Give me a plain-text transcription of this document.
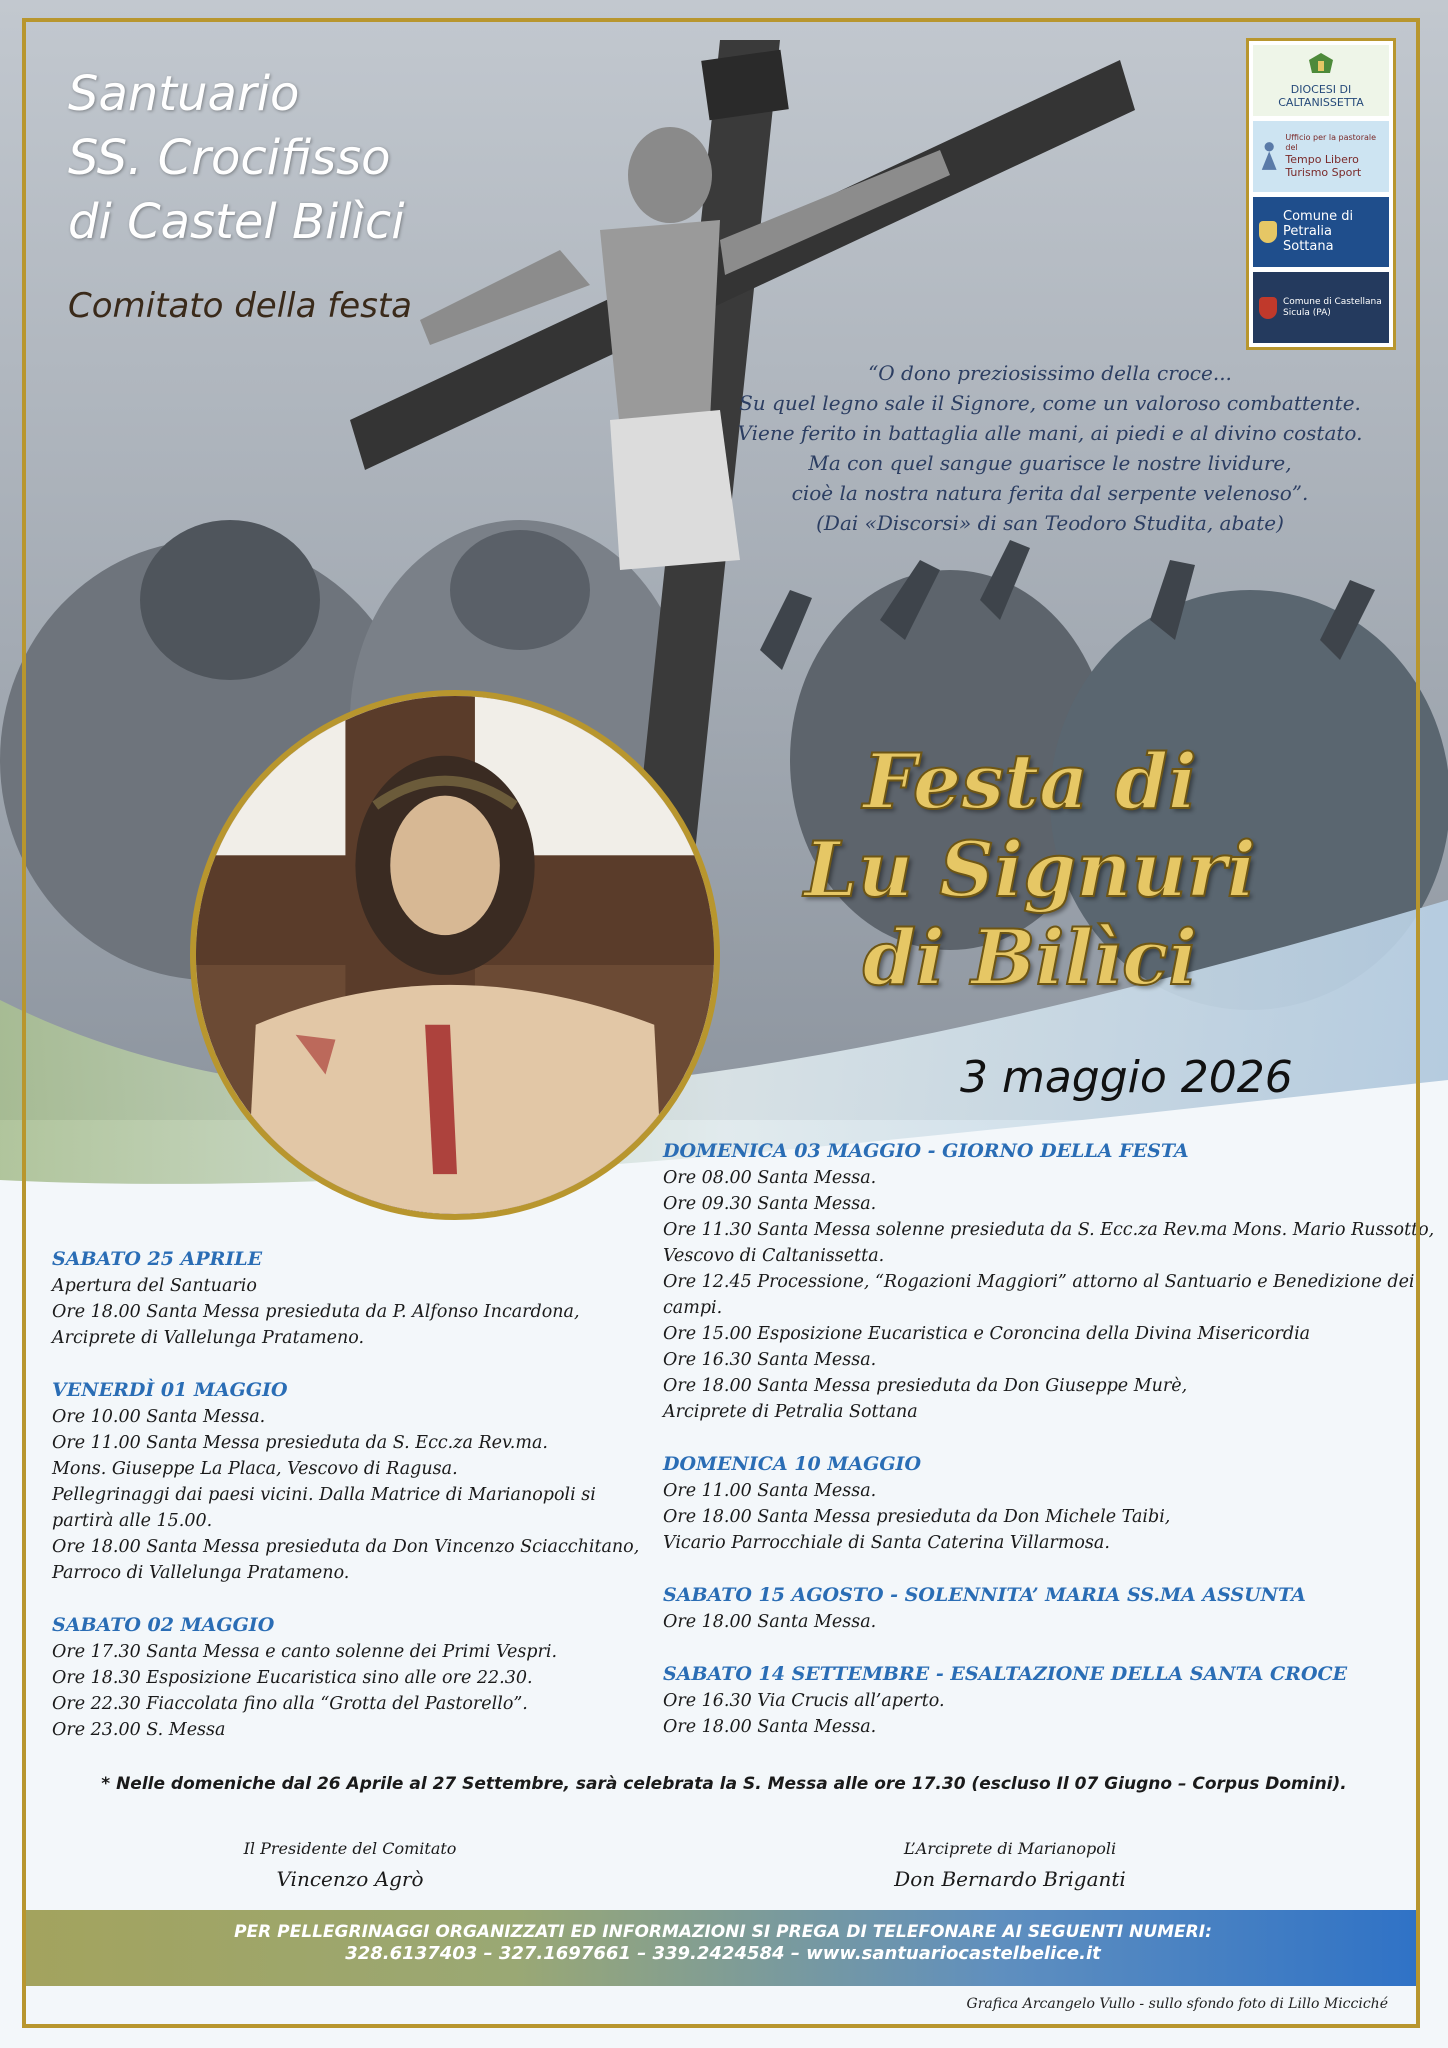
Santuario
SS. Crocifisso
di Castel Bilìci
Comitato della festa
DIOCESI DI CALTANISSETTA
Ufficio per la pastorale del
Tempo Libero
Turismo Sport
Comune di
Petralia
Sottana
Comune di Castellana
Sicula (PA)
“O dono preziosissimo della croce...
Su quel legno sale il Signore, come un valoroso combattente.
Viene ferito in battaglia alle mani, ai piedi e al divino costato.
Ma con quel sangue guarisce le nostre lividure,
cioè la nostra natura ferita dal serpente velenoso”.
(Dai «Discorsi» di san Teodoro Studita, abate)
Festa di
Lu Signuri
di Bilìci
3 maggio 2026
SABATO 25 APRILE
Apertura del Santuario
Ore 18.00 Santa Messa presieduta da P. Alfonso Incardona,
Arciprete di Vallelunga Pratameno.
VENERDÌ 01 MAGGIO
Ore 10.00 Santa Messa.
Ore 11.00 Santa Messa presieduta da S. Ecc.za Rev.ma.
Mons. Giuseppe La Placa, Vescovo di Ragusa.
Pellegrinaggi dai paesi vicini. Dalla Matrice di Marianopoli si
partirà alle 15.00.
Ore 18.00 Santa Messa presieduta da Don Vincenzo Sciacchitano,
Parroco di Vallelunga Pratameno.
SABATO 02 MAGGIO
Ore 17.30 Santa Messa e canto solenne dei Primi Vespri.
Ore 18.30 Esposizione Eucaristica sino alle ore 22.30.
Ore 22.30 Fiaccolata fino alla “Grotta del Pastorello”.
Ore 23.00 S. Messa
DOMENICA 03 MAGGIO - GIORNO DELLA FESTA
Ore 08.00 Santa Messa.
Ore 09.30 Santa Messa.
Ore 11.30 Santa Messa solenne presieduta da S. Ecc.za Rev.ma Mons. Mario Russotto,
Vescovo di Caltanissetta.
Ore 12.45 Processione, “Rogazioni Maggiori” attorno al Santuario e Benedizione dei
campi.
Ore 15.00 Esposizione Eucaristica e Coroncina della Divina Misericordia
Ore 16.30 Santa Messa.
Ore 18.00 Santa Messa presieduta da Don Giuseppe Murè,
Arciprete di Petralia Sottana
DOMENICA 10 MAGGIO
Ore 11.00 Santa Messa.
Ore 18.00 Santa Messa presieduta da Don Michele Taibi,
Vicario Parrocchiale di Santa Caterina Villarmosa.
SABATO 15 AGOSTO - SOLENNITA’ MARIA SS.MA ASSUNTA
Ore 18.00 Santa Messa.
SABATO 14 SETTEMBRE - ESALTAZIONE DELLA SANTA CROCE
Ore 16.30 Via Crucis all’aperto.
Ore 18.00 Santa Messa.
* Nelle domeniche dal 26 Aprile al 27 Settembre, sarà celebrata la S. Messa alle ore 17.30 (escluso Il 07 Giugno – Corpus Domini).
Il Presidente del Comitato
Vincenzo Agrò
L’Arciprete di Marianopoli
Don Bernardo Briganti
PER PELLEGRINAGGI ORGANIZZATI ED INFORMAZIONI SI PREGA DI TELEFONARE AI SEGUENTI NUMERI:
328.6137403 – 327.1697661 – 339.2424584 – www.santuariocastelbelice.it
Grafica Arcangelo Vullo - sullo sfondo foto di Lillo Micciché
